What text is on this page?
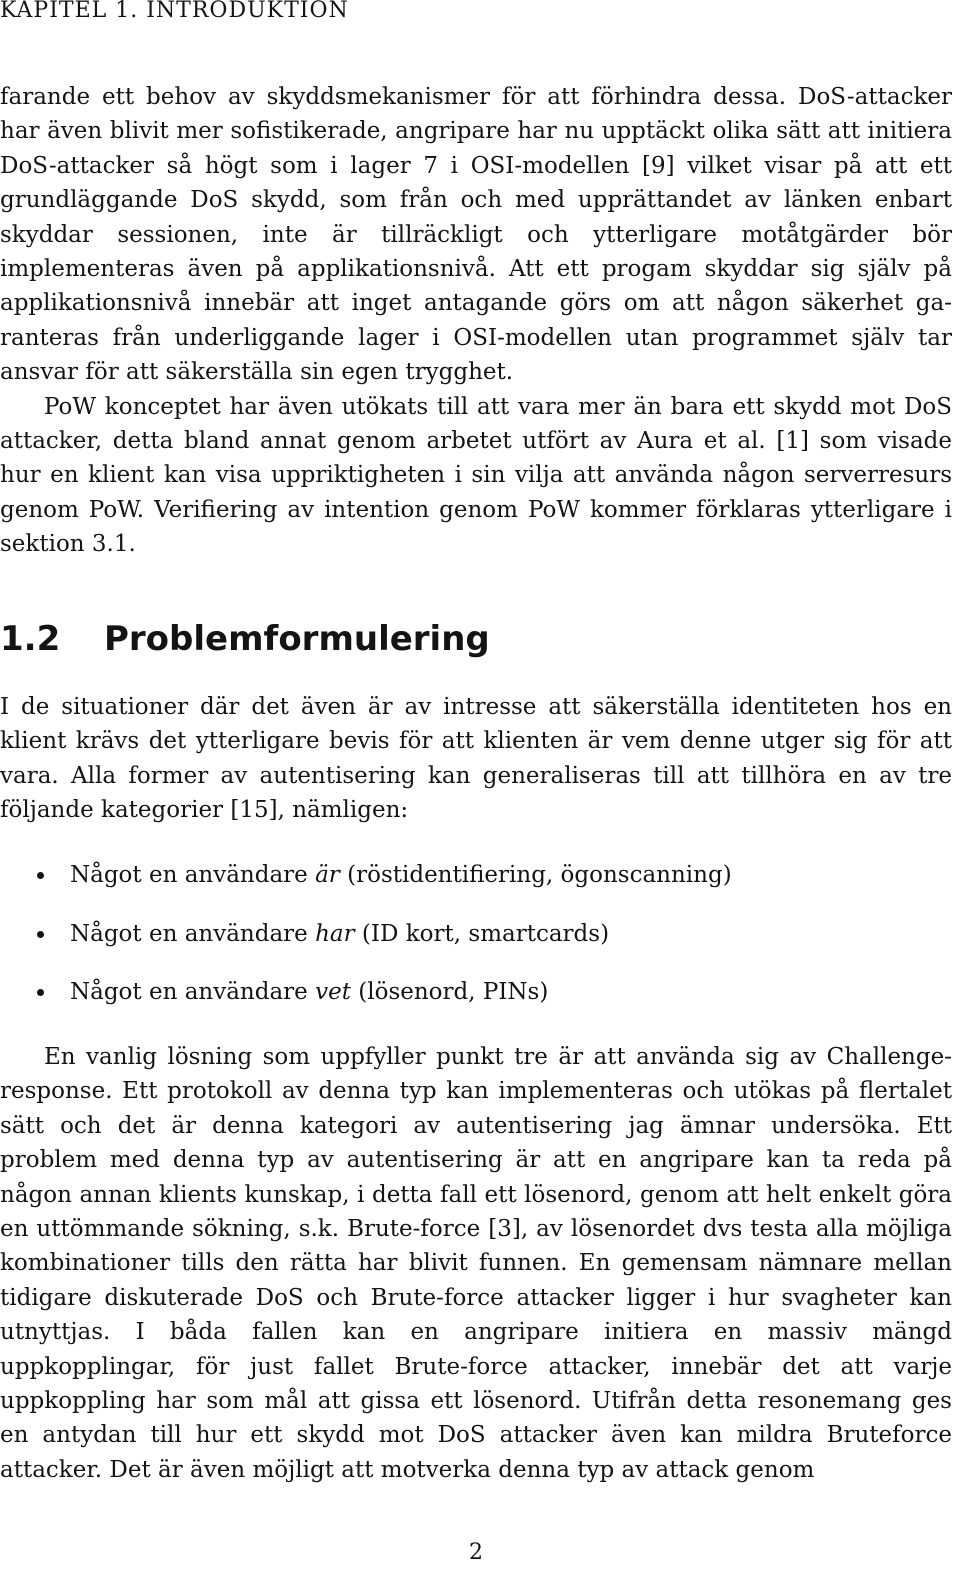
KAPITEL 1. INTRODUKTION

farande ett behov av skyddsmekanismer för att förhindra dessa. DoS-attacker har även blivit mer sofistikerade, angripare har nu upptäckt olika sätt att initiera DoS-attacker så högt som i lager 7 i OSI-modellen [9] vilket visar på att ett grundläggande DoS skydd, som från och med upprättandet av länken enbart skyddar sessionen, inte är tillräckligt och ytterligare motåtgärder bör implementeras även på applikationsnivå. Att ett progam skyddar sig själv på applikationsnivå innebär att inget antagande görs om att någon säkerhet garanteras från underliggande lager i OSI-modellen utan programmet själv tar ansvar för att säkerställa sin egen trygghet.

PoW konceptet har även utökats till att vara mer än bara ett skydd mot DoS attacker, detta bland annat genom arbetet utfört av Aura et al. [1] som visade hur en klient kan visa uppriktigheten i sin vilja att använda någon serverresurs genom PoW. Verifiering av intention genom PoW kommer förklaras ytterligare i sektion 3.1.

1.2 Problemformulering

I de situationer där det även är av intresse att säkerställa identiteten hos en klient krävs det ytterligare bevis för att klienten är vem denne utger sig för att vara. Alla former av autentisering kan generaliseras till att tillhöra en av tre följande kategorier [15], nämligen:

Något en användare är (röstidentifiering, ögonscanning)
Något en användare har (ID kort, smartcards)
Något en användare vet (lösenord, PINs)

En vanlig lösning som uppfyller punkt tre är att använda sig av Challengeresponse. Ett protokoll av denna typ kan implementeras och utökas på flertalet sätt och det är denna kategori av autentisering jag ämnar undersöka. Ett problem med denna typ av autentisering är att en angripare kan ta reda på någon annan klients kunskap, i detta fall ett lösenord, genom att helt enkelt göra en uttömmande sökning, s.k. Brute-force [3], av lösenordet dvs testa alla möjliga kombinationer tills den rätta har blivit funnen. En gemensam nämnare mellan tidigare diskuterade DoS och Brute-force attacker ligger i hur svagheter kan utnyttjas. I båda fallen kan en angripare initiera en massiv mängd uppkopplingar, för just fallet Brute-force attacker, innebär det att varje uppkoppling har som mål att gissa ett lösenord. Utifrån detta resonemang ges en antydan till hur ett skydd mot DoS attacker även kan mildra Bruteforce attacker. Det är även möjligt att motverka denna typ av attack genom

2
